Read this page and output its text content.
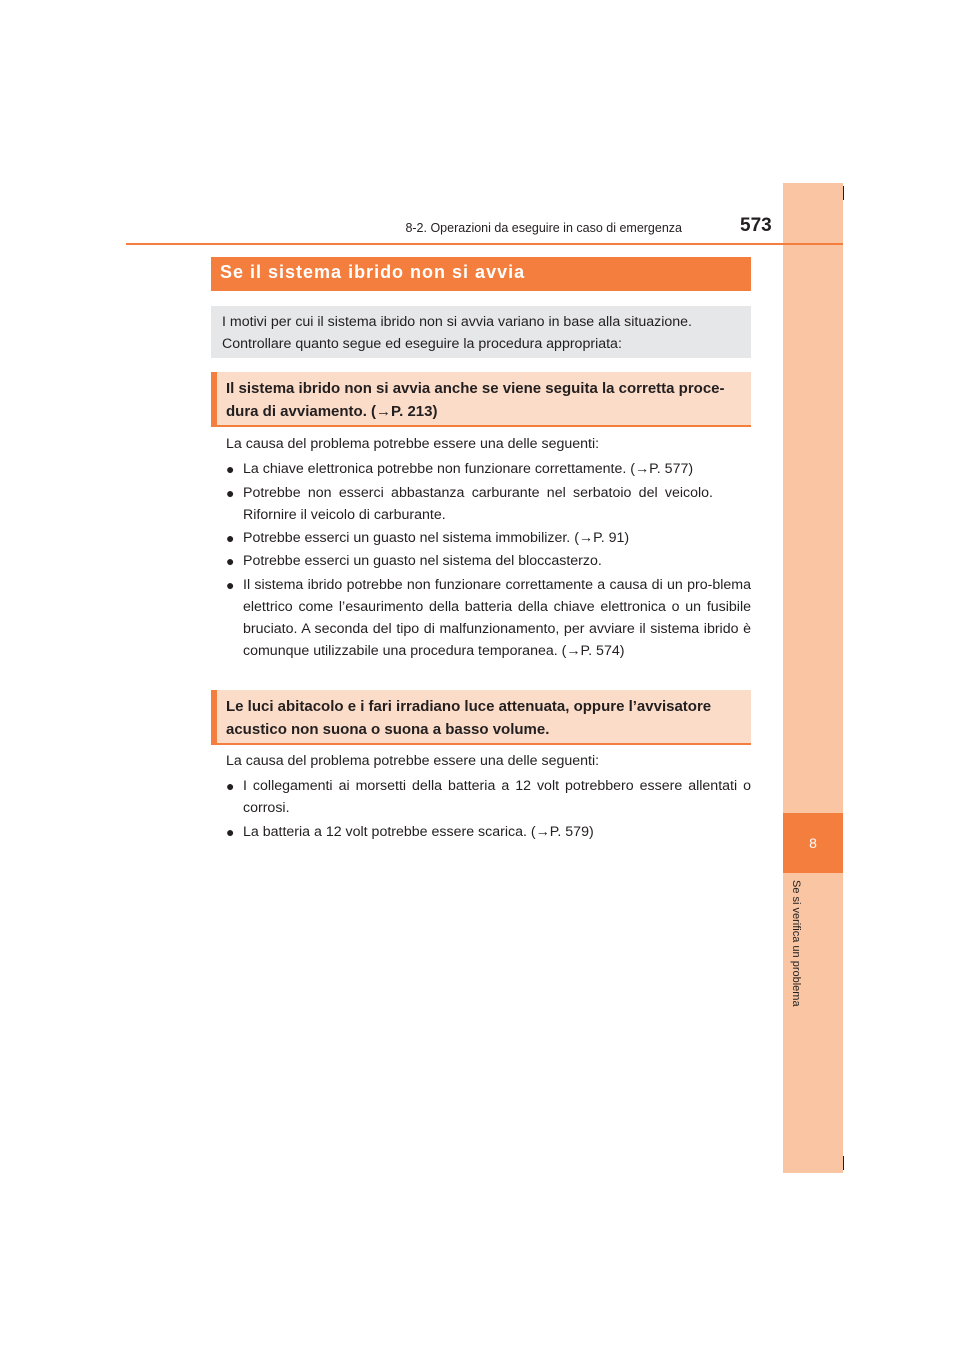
8
Se si verifica un problema
8-2. Operazioni da eseguire in caso di emergenza	573
Se il sistema ibrido non si avvia
I motivi per cui il sistema ibrido non si avvia variano in base alla situazione. Controllare quanto segue ed eseguire la procedura appropriata:
Il sistema ibrido non si avvia anche se viene seguita la corretta proce-dura di avviamento. (→P. 213)
La causa del problema potrebbe essere una delle seguenti:
● La chiave elettronica potrebbe non funzionare correttamente. (→P. 577)
● Potrebbe non esserci abbastanza carburante nel serbatoio del veicolo. Rifornire il veicolo di carburante.
● Potrebbe esserci un guasto nel sistema immobilizer. (→P. 91)
● Potrebbe esserci un guasto nel sistema del bloccasterzo.
● Il sistema ibrido potrebbe non funzionare correttamente a causa di un pro-blema elettrico come l’esaurimento della batteria della chiave elettronica o un fusibile bruciato. A seconda del tipo di malfunzionamento, per avviare il sistema ibrido è comunque utilizzabile una procedura temporanea. (→P. 574)
Le luci abitacolo e i fari irradiano luce attenuata, oppure l’avvisatore acustico non suona o suona a basso volume.
La causa del problema potrebbe essere una delle seguenti:
● I collegamenti ai morsetti della batteria a 12 volt potrebbero essere allentati o corrosi.
● La batteria a 12 volt potrebbe essere scarica. (→P. 579)
